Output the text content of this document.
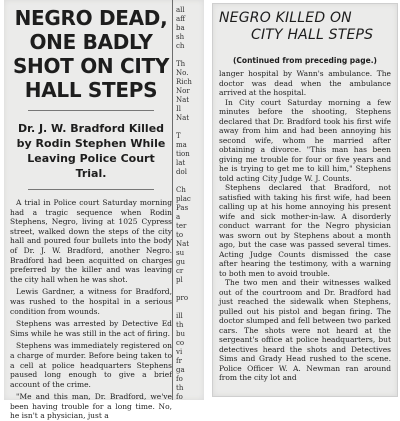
NEGRO DEAD, ONE BADLY SHOT ON CITY HALL STEPS
Dr. J. W. Bradford Killed by Rodin Stephen While Leaving Police Court Trial.

A trial in Police court Saturday morning had a tragic sequence when Rodin Stephens, Negro, living at 1025 Cypress street, walked down the steps of the city hall and poured four bullets into the body of Dr. J. W. Bradford, another Negro. Bradford had been acquitted on charges preferred by the killer and was leaving the city hall when he was shot.

Lewis Gardner, a witness for Bradford, was rushed to the hospital in a serious condition from wounds.

Stephens was arrested by Detective Ed Sims while he was still in the act of firing.

Stephens was immediately registered on a charge of murder. Before being taken to a cell at police headquarters Stephens paused long enough to give a brief account of the crime.

"Me and this man, Dr. Bradford, we've been having trouble for a long time. No, he isn't a physician, just a

all
aff
ba
sh
ch

Th
No.
Rich
Nor
Nat
Il
Nat

T
ma
tion
lat
dol

Ch
plac
Pas
a
ter
to
Nat
su
gu
cr
pl

pro

ill
th
bu
co
vi
fr
ga
fo
th
fo
NEGRO KILLED ON
CITY HALL STEPS
(Continued from preceding page.)

langer hospital by Wann's ambulance. The doctor was dead when the ambulance arrived at the hospital.

In City court Saturday morning a few minutes before the shooting, Stephens declared that Dr. Bradford took his first wife away from him and had been annoying his second wife, whom he married after obtaining a divorce. "This man has been giving me trouble for four or five years and he is trying to get me to kill him," Stephens told acting City Judge W. J. Counts.

Stephens declared that Bradford, not satisfied with taking his first wife, had been calling up at his home annoying his present wife and sick mother-in-law. A disorderly conduct warrant for the Negro physician was sworn out by Stephens about a month ago, but the case was passed several times. Acting Judge Counts dismissed the case after hearing the testimony, with a warning to both men to avoid trouble.

The two men and their witnesses walked out of the courtroom and Dr. Bradford had just reached the sidewalk when Stephens, pulled out his pistol and began firing. The doctor slumped and fell between two parked cars. The shots were not heard at the sergeant's office at police headquarters, but detectives heard the shots and Detectives Sims and Grady Head rushed to the scene. Police Officer W. A. Newman ran around from the city lot and
